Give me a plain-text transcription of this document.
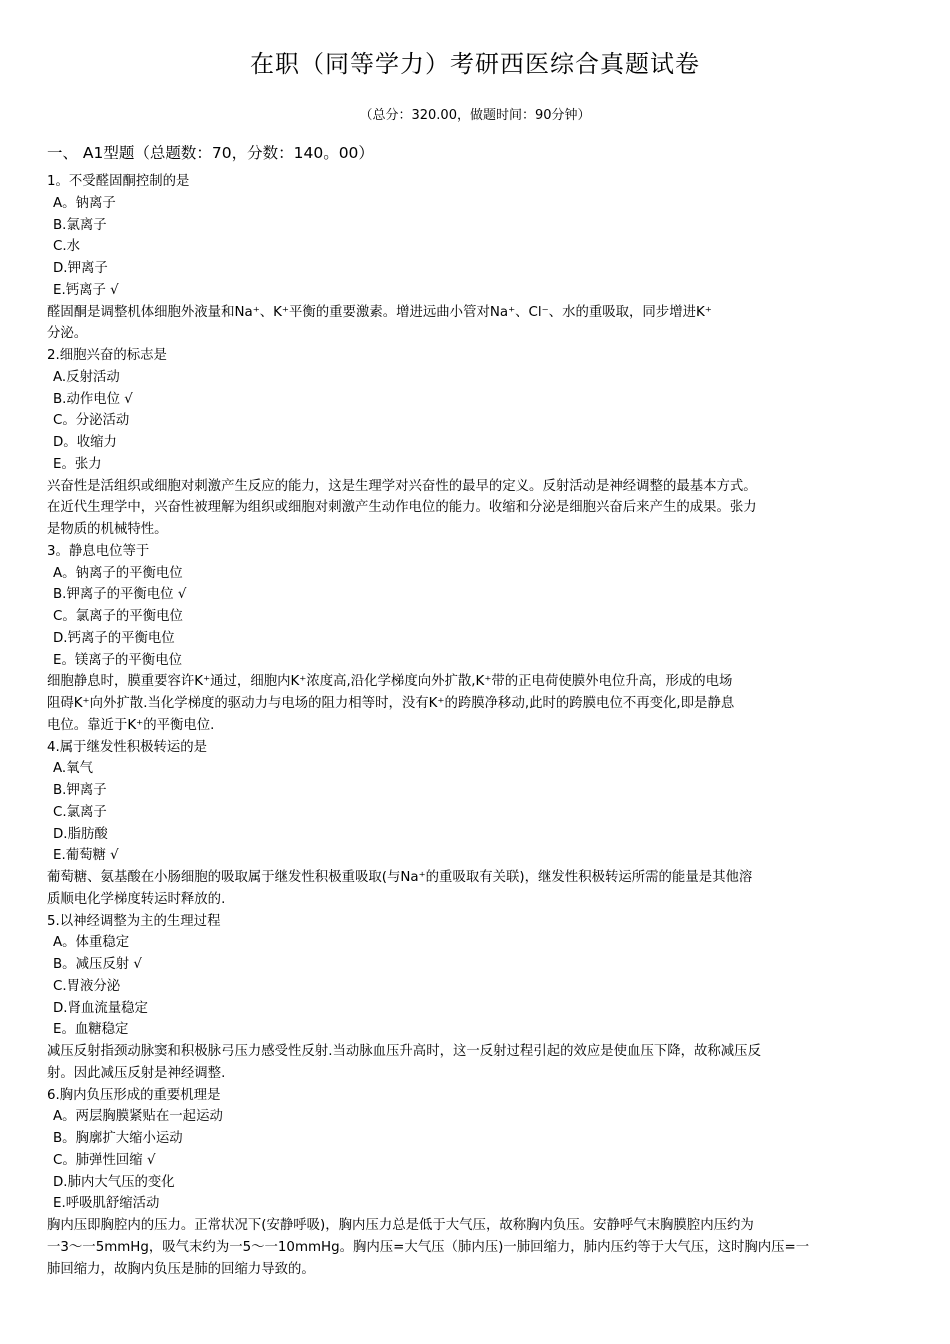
在职（同等学力）考研西医综合真题试卷
（总分：320.00，做题时间：90分钟）
一、 A1型题（总题数：70，分数：140。00）
1。不受醛固酮控制的是
A。钠离子
B.氯离子
C.水
D.钾离子
E.钙离子 √
醛固酮是调整机体细胞外液量和Na⁺、K⁺平衡的重要激素。增进远曲小管对Na⁺、Cl⁻、水的重吸取，同步增进K⁺
分泌。
2.细胞兴奋的标志是
A.反射活动
B.动作电位 √
C。分泌活动
D。收缩力
E。张力
兴奋性是活组织或细胞对刺激产生反应的能力，这是生理学对兴奋性的最早的定义。反射活动是神经调整的最基本方式。
在近代生理学中，兴奋性被理解为组织或细胞对刺激产生动作电位的能力。收缩和分泌是细胞兴奋后来产生的成果。张力
是物质的机械特性。
3。静息电位等于
A。钠离子的平衡电位
B.钾离子的平衡电位 √
C。氯离子的平衡电位
D.钙离子的平衡电位
E。镁离子的平衡电位
细胞静息时，膜重要容许K⁺通过，细胞内K⁺浓度高,沿化学梯度向外扩散,K⁺带的正电荷使膜外电位升高，形成的电场
阻碍K⁺向外扩散.当化学梯度的驱动力与电场的阻力相等时，没有K⁺的跨膜净移动,此时的跨膜电位不再变化,即是静息
电位。靠近于K⁺的平衡电位.
4.属于继发性积极转运的是
A.氧气
B.钾离子
C.氯离子
D.脂肪酸
E.葡萄糖 √
葡萄糖、氨基酸在小肠细胞的吸取属于继发性积极重吸取(与Na⁺的重吸取有关联)，继发性积极转运所需的能量是其他溶
质顺电化学梯度转运时释放的.
5.以神经调整为主的生理过程
A。体重稳定
B。减压反射 √
C.胃液分泌
D.肾血流量稳定
E。血糖稳定
减压反射指颈动脉窦和积极脉弓压力感受性反射.当动脉血压升高时，这一反射过程引起的效应是使血压下降，故称减压反
射。因此减压反射是神经调整.
6.胸内负压形成的重要机理是
A。两层胸膜紧贴在一起运动
B。胸廓扩大缩小运动
C。肺弹性回缩 √
D.肺内大气压的变化
E.呼吸肌舒缩活动
胸内压即胸腔内的压力。正常状况下(安静呼吸)，胸内压力总是低于大气压，故称胸内负压。安静呼气末胸膜腔内压约为
一3～一5mmHg，吸气末约为一5～一10mmHg。胸内压=大气压（肺内压)一肺回缩力，肺内压约等于大气压，这时胸内压=一
肺回缩力，故胸内负压是肺的回缩力导致的。
